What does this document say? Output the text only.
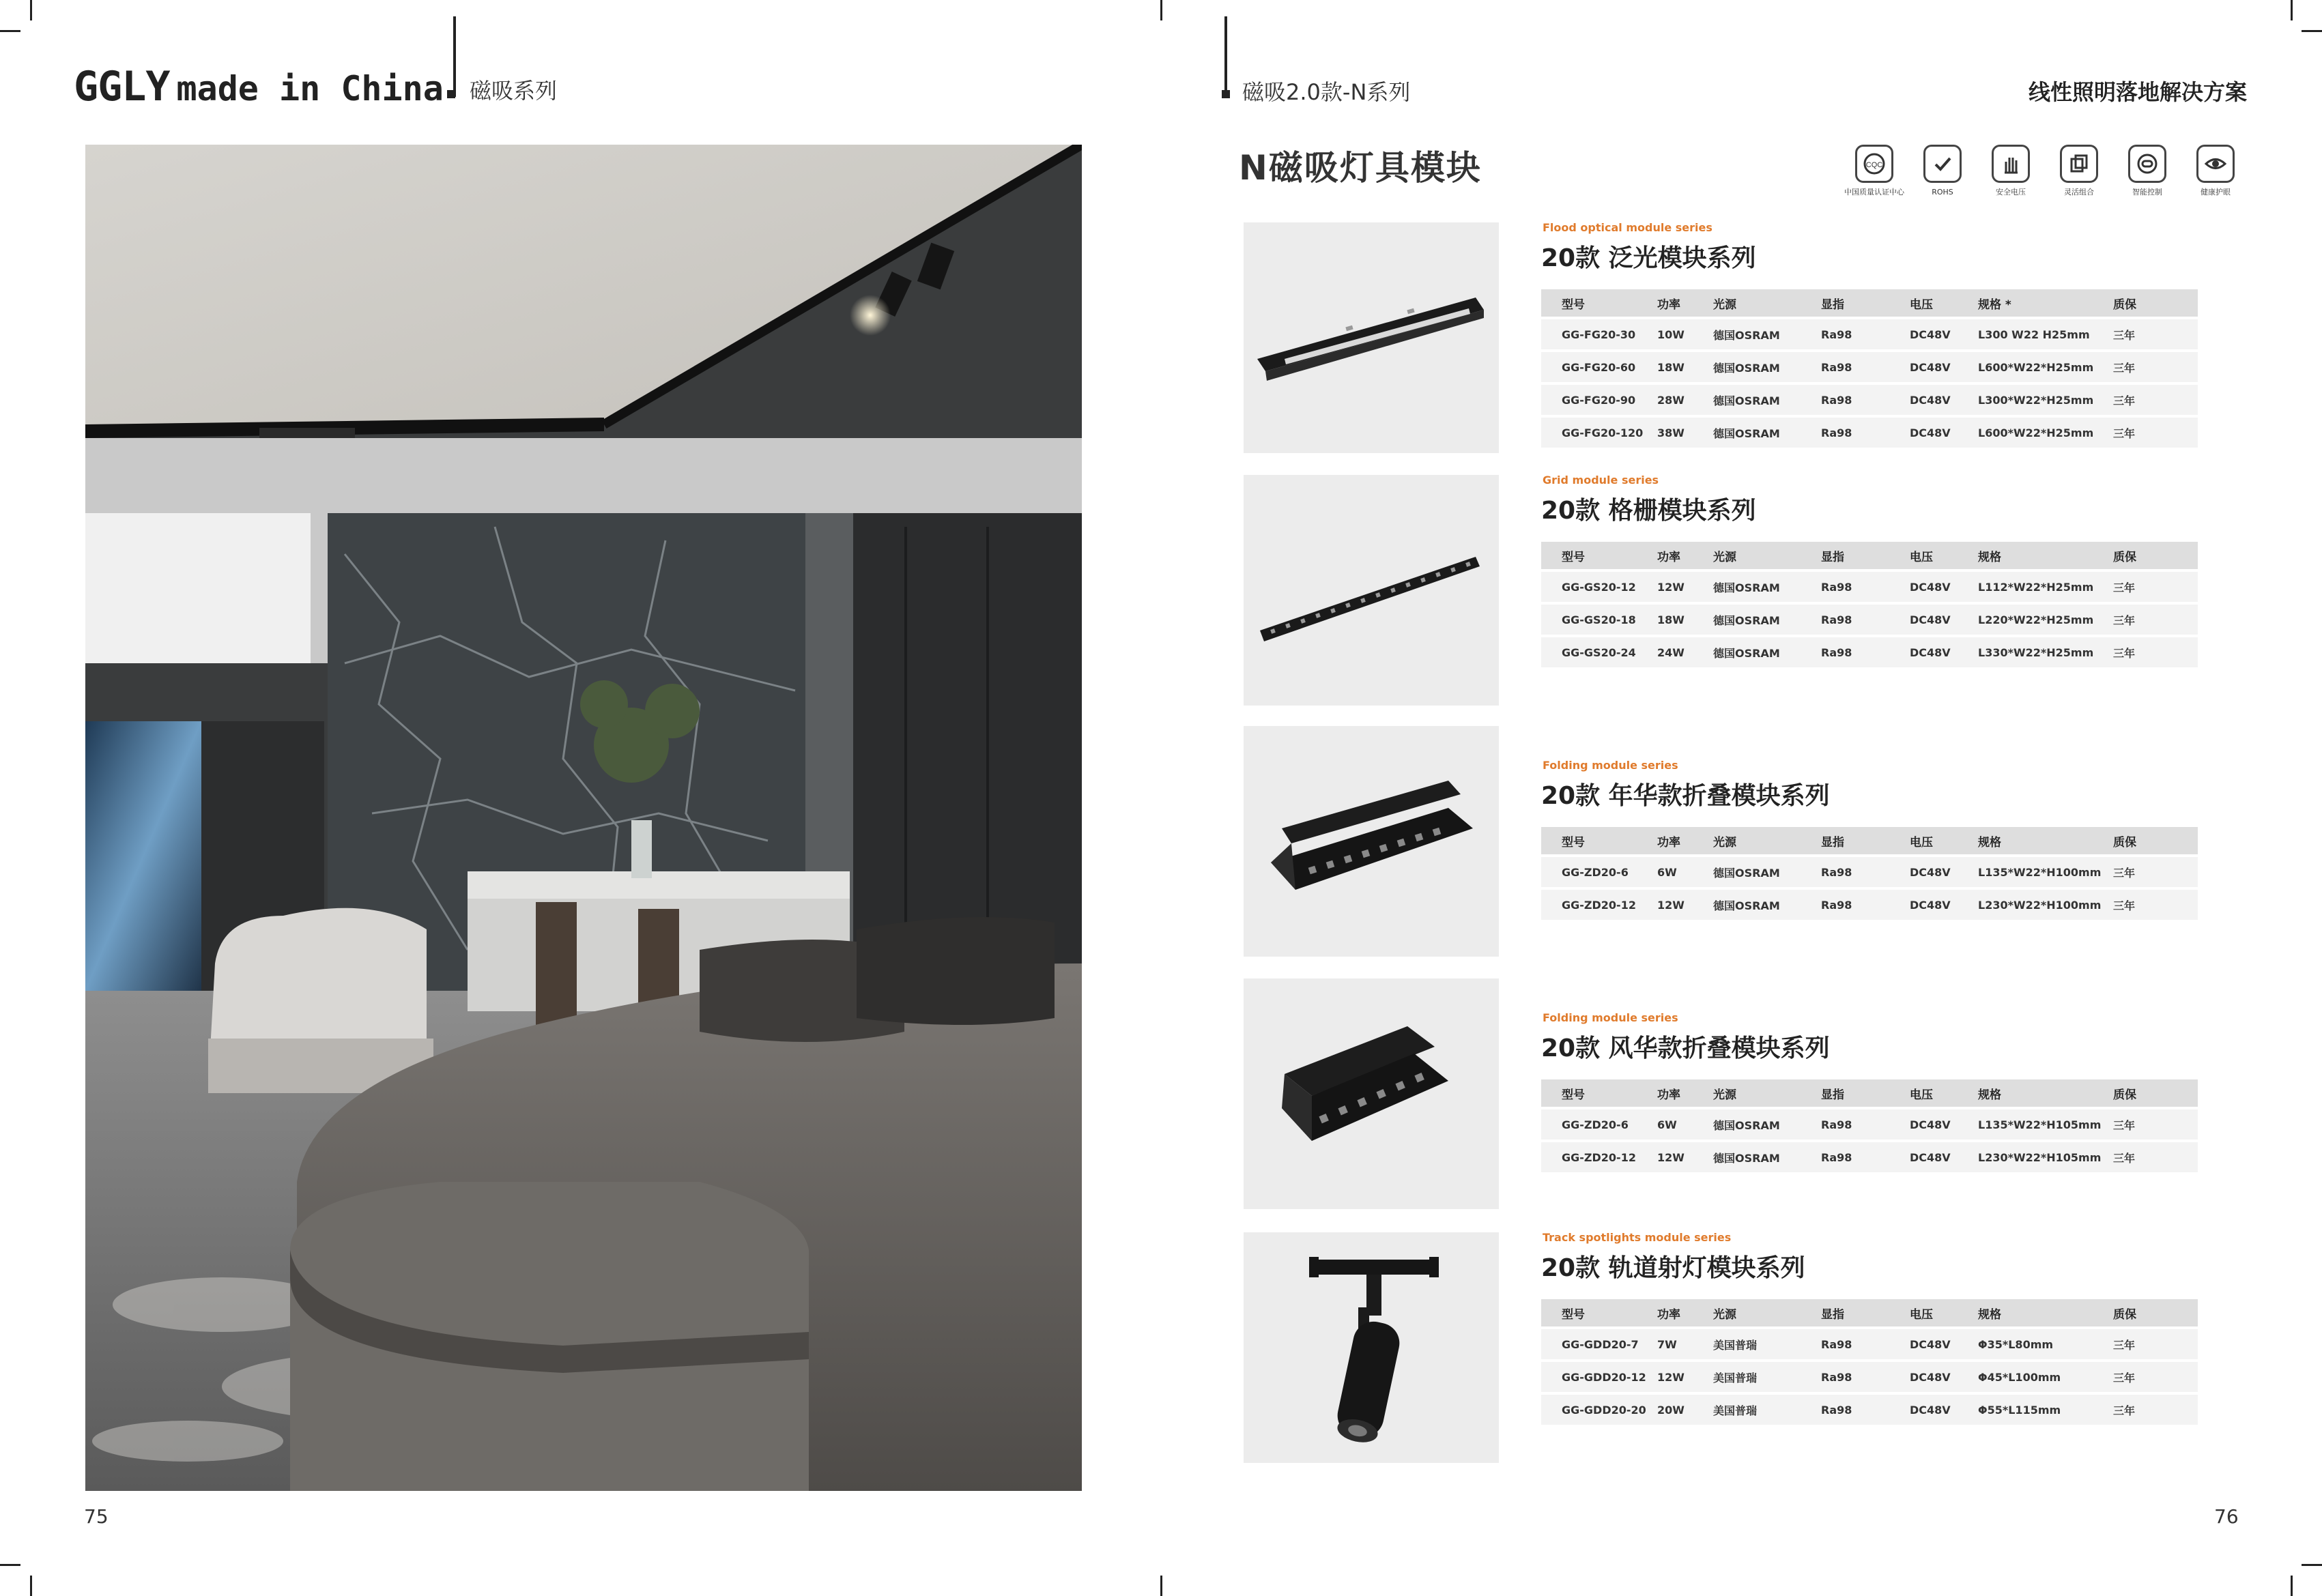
GGLY made in China 磁吸系列
75
磁吸2.0款-N系列	线性照明落地解决方案
N磁吸灯具模块	CQC
中国质量认证中心	ROHS	安全电压	灵活组合	智能控制	健康护眼
Flood optical module series
20款 泛光模块系列
型号	功率	光源	显指	电压	规格 *	质保
GG-FG20-30	10W	德国OSRAM	Ra98	DC48V	L300 W22 H25mm	三年
GG-FG20-60	18W	德国OSRAM	Ra98	DC48V	L600*W22*H25mm	三年
GG-FG20-90	28W	德国OSRAM	Ra98	DC48V	L300*W22*H25mm	三年
GG-FG20-120	38W	德国OSRAM	Ra98	DC48V	L600*W22*H25mm	三年
Grid module series
20款 格栅模块系列
型号	功率	光源	显指	电压	规格	质保
GG-GS20-12	12W	德国OSRAM	Ra98	DC48V	L112*W22*H25mm	三年
GG-GS20-18	18W	德国OSRAM	Ra98	DC48V	L220*W22*H25mm	三年
GG-GS20-24	24W	德国OSRAM	Ra98	DC48V	L330*W22*H25mm	三年
Folding module series
20款 年华款折叠模块系列
型号	功率	光源	显指	电压	规格	质保
GG-ZD20-6	6W	德国OSRAM	Ra98	DC48V	L135*W22*H100mm	三年
GG-ZD20-12	12W	德国OSRAM	Ra98	DC48V	L230*W22*H100mm	三年
Folding module series
20款 风华款折叠模块系列
型号	功率	光源	显指	电压	规格	质保
GG-ZD20-6	6W	德国OSRAM	Ra98	DC48V	L135*W22*H105mm	三年
GG-ZD20-12	12W	德国OSRAM	Ra98	DC48V	L230*W22*H105mm	三年
Track spotlights module series
20款 轨道射灯模块系列
型号	功率	光源	显指	电压	规格	质保
GG-GDD20-7	7W	美国普瑞	Ra98	DC48V	Φ35*L80mm	三年
GG-GDD20-12	12W	美国普瑞	Ra98	DC48V	Φ45*L100mm	三年
GG-GDD20-20	20W	美国普瑞	Ra98	DC48V	Φ55*L115mm	三年
76
